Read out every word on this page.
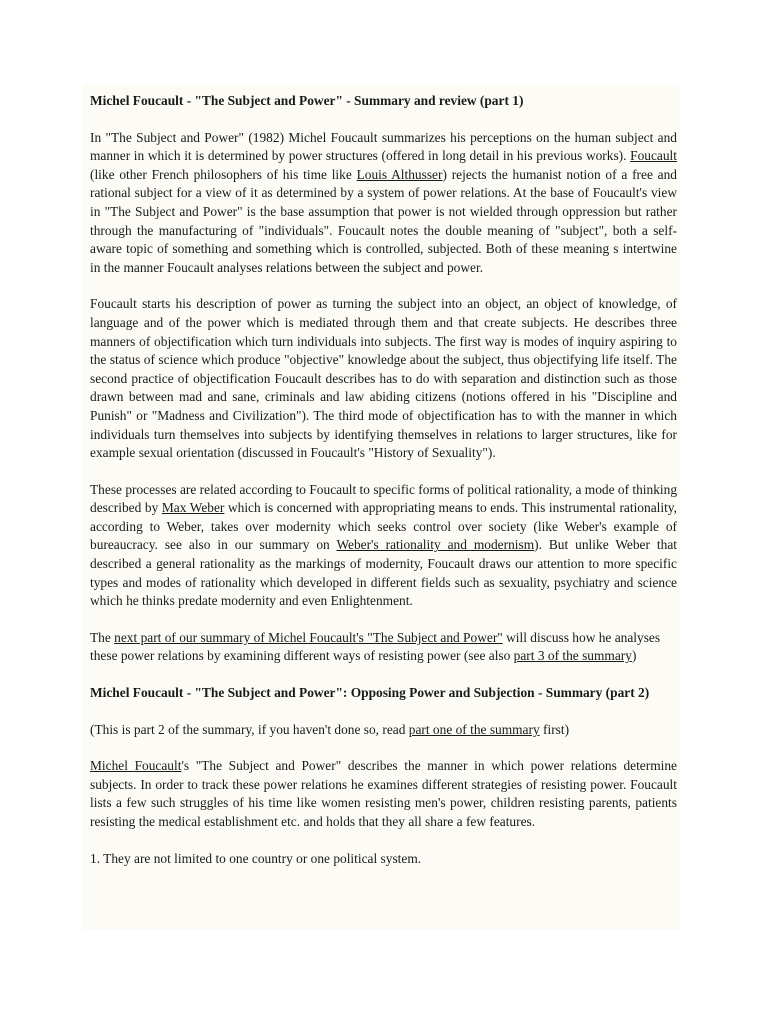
Michel Foucault - "The Subject and Power" - Summary and review (part 1)

In "The Subject and Power" (1982) Michel Foucault summarizes his perceptions on the human subject and manner in which it is determined by power structures (offered in long detail in his previous works). Foucault (like other French philosophers of his time like Louis Althusser) rejects the humanist notion of a free and rational subject for a view of it as determined by a system of power relations. At the base of Foucault's view in "The Subject and Power" is the base assumption that power is not wielded through oppression but rather through the manufacturing of "individuals". Foucault notes the double meaning of "subject", both a self-aware topic of something and something which is controlled, subjected. Both of these meaning s intertwine in the manner Foucault analyses relations between the subject and power.

Foucault starts his description of power as turning the subject into an object, an object of knowledge, of language and of the power which is mediated through them and that create subjects. He describes three manners of objectification which turn individuals into subjects. The first way is modes of inquiry aspiring to the status of science which produce "objective" knowledge about the subject, thus objectifying life itself. The second practice of objectification Foucault describes has to do with separation and distinction such as those drawn between mad and sane, criminals and law abiding citizens (notions offered in his "Discipline and Punish" or "Madness and Civilization"). The third mode of objectification has to with the manner in which individuals turn themselves into subjects by identifying themselves in relations to larger structures, like for example sexual orientation (discussed in Foucault's "History of Sexuality").

These processes are related according to Foucault to specific forms of political rationality, a mode of thinking described by Max Weber which is concerned with appropriating means to ends. This instrumental rationality, according to Weber, takes over modernity which seeks control over society (like Weber's example of bureaucracy. see also in our summary on Weber's rationality and modernism). But unlike Weber that described a general rationality as the markings of modernity, Foucault draws our attention to more specific types and modes of rationality which developed in different fields such as sexuality, psychiatry and science which he thinks predate modernity and even Enlightenment.

The next part of our summary of Michel Foucault's "The Subject and Power" will discuss how he analyses these power relations by examining different ways of resisting power (see also part 3 of the summary)

Michel Foucault - "The Subject and Power": Opposing Power and Subjection - Summary (part 2)

(This is part 2 of the summary, if you haven't done so, read part one of the summary first)

Michel Foucault's "The Subject and Power" describes the manner in which power relations determine subjects. In order to track these power relations he examines different strategies of resisting power. Foucault lists a few such struggles of his time like women resisting men's power, children resisting parents, patients resisting the medical establishment etc. and holds that they all share a few features.

1. They are not limited to one country or one political system.
